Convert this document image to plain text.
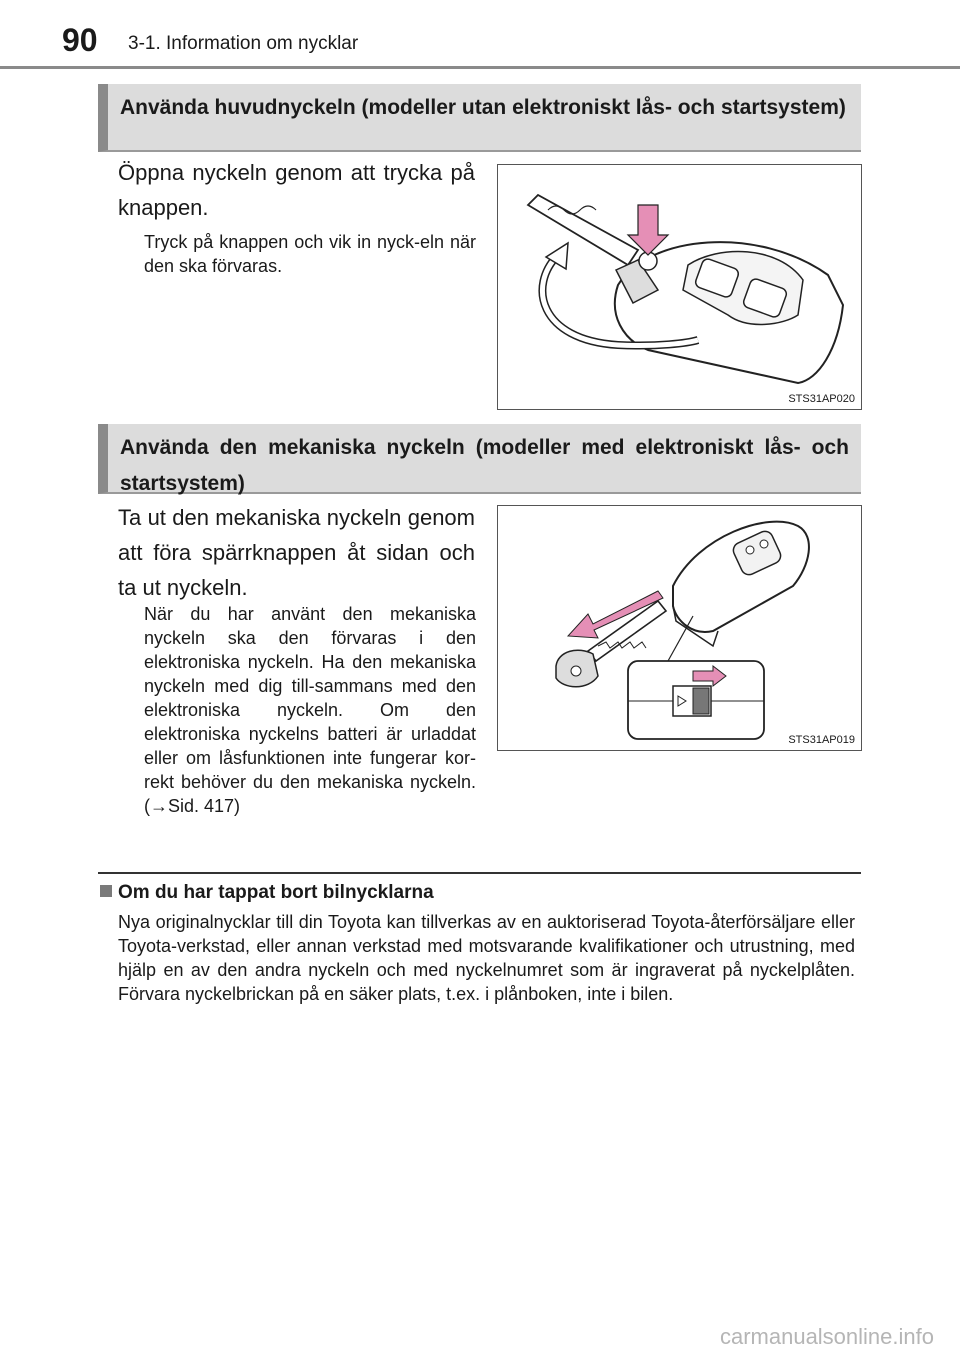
90 3-1. Information om nycklar
Använda huvudnyckeln (modeller utan elektroniskt lås- och startsystem)
Öppna nyckeln genom att trycka på knappen.
Tryck på knappen och vik in nyck-eln när den ska förvaras.
STS31AP020
Använda den mekaniska nyckeln (modeller med elektroniskt lås- och startsystem)
Ta ut den mekaniska nyckeln genom att föra spärrknappen åt sidan och ta ut nyckeln.
När du har använt den mekaniska nyckeln ska den förvaras i den elektroniska nyckeln. Ha den mekaniska nyckeln med dig till-sammans med den elektroniska nyckeln. Om den elektroniska nyckelns batteri är urladdat eller om låsfunktionen inte fungerar kor-rekt behöver du den mekaniska nyckeln. (→Sid. 417)
STS31AP019
Om du har tappat bort bilnycklarna
Nya originalnycklar till din Toyota kan tillverkas av en auktoriserad Toyota-återförsäljare eller Toyota-verkstad, eller annan verkstad med motsvarande kvalifikationer och utrustning, med hjälp en av den andra nyckeln och med nyckelnumret som är ingraverat på nyckelplåten. Förvara nyckelbrickan på en säker plats, t.ex. i plånboken, inte i bilen.
carmanualsonline.info
